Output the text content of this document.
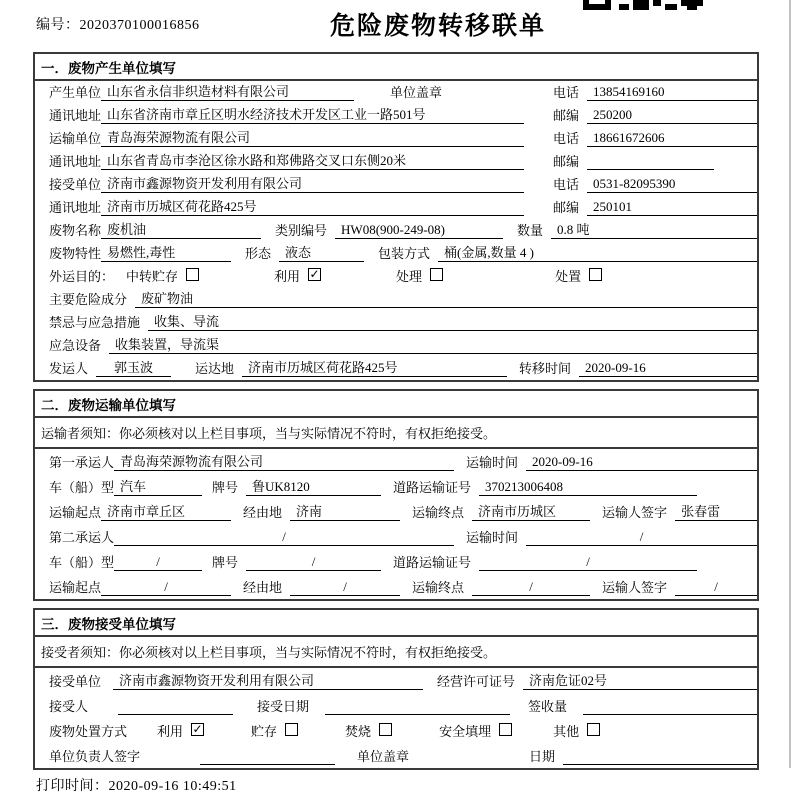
编号：2020370100016856	危险废物转移联单
一．废物产生单位填写
产生单位 山东省永信非织造材料有限公司	单位盖章	电话	13854169160
通讯地址 山东省济南市章丘区明水经济技术开发区工业一路501号	邮编	250200
运输单位 青岛海荣源物流有限公司	电话	18661672606
通讯地址 山东省青岛市李沧区徐水路和郑佛路交叉口东侧20米	邮编
接受单位 济南市鑫源物资开发利用有限公司	电话	0531-82095390
通讯地址 济南市历城区荷花路425号	邮编	250101
废物名称 废机油	类别编号	HW08(900-249-08)	数量	0.8 吨
废物特性 易燃性,毒性	形态	液态	包装方式	桶(金属,数量 4 )
外运目的： 中转贮存	利用 ✓	处理	处置
主要危险成分	废矿物油
禁忌与应急措施	收集、导流
应急设备	收集装置，导流渠
发运人	郭玉波	运达地	济南市历城区荷花路425号	转移时间	2020-09-16
二．废物运输单位填写
运输者须知：你必须核对以上栏目事项，当与实际情况不符时，有权拒绝接受。
第一承运人 青岛海荣源物流有限公司	运输时间	2020-09-16
车（船）型 汽车	牌号	鲁UK8120	道路运输证号	370213006408
运输起点 济南市章丘区	经由地	济南	运输终点	济南市历城区	运输人签字	张春雷
第二承运人	/	运输时间	/
车（船）型	/	牌号	/	道路运输证号	/
运输起点	/	经由地	/	运输终点	/	运输人签字	/
三．废物接受单位填写
接受者须知：你必须核对以上栏目事项，当与实际情况不符时，有权拒绝接受。
接受单位	济南市鑫源物资开发利用有限公司	经营许可证号	济南危证02号
接受人	接受日期	签收量
废物处置方式 利用 ✓	贮存	焚烧	安全填埋	其他
单位负责人签字	单位盖章	日期
打印时间：2020-09-16 10:49:51
